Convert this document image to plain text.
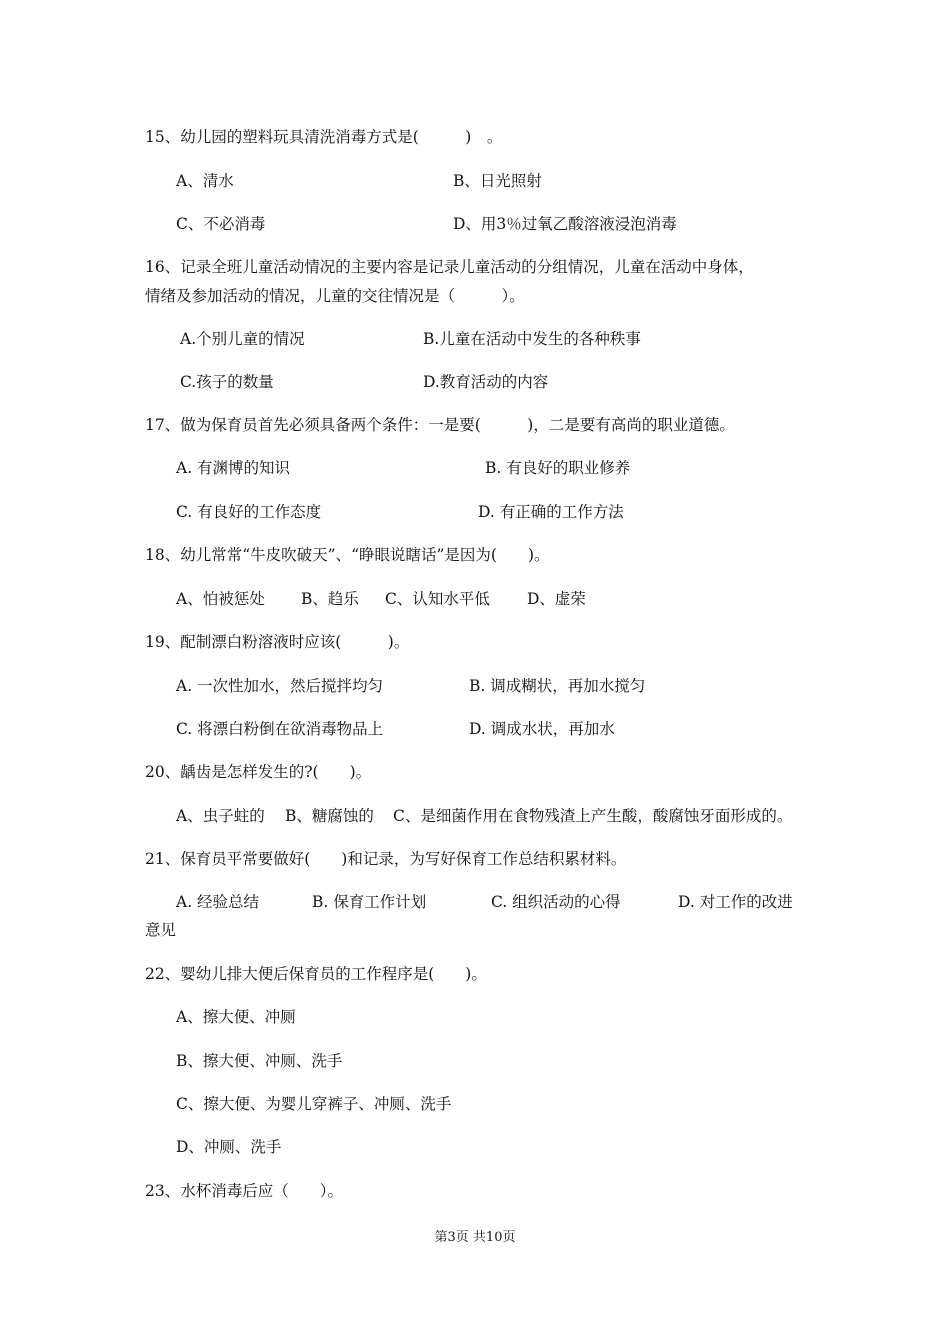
15、幼儿园的塑料玩具清洗消毒方式是(　　　)　。
A、清水	B、日光照射
C、不必消毒	D、用3％过氧乙酸溶液浸泡消毒
16、记录全班儿童活动情况的主要内容是记录儿童活动的分组情况，儿童在活动中身体，
情绪及参加活动的情况，儿童的交往情况是（　　　）。
A.个别儿童的情况	B.儿童在活动中发生的各种秩事
C.孩子的数量	D.教育活动的内容
17、做为保育员首先必须具备两个条件：一是要(　　　)，二是要有高尚的职业道德。
A. 有渊博的知识	B. 有良好的职业修养
C. 有良好的工作态度	D. 有正确的工作方法
18、幼儿常常“牛皮吹破天”、“睁眼说瞎话”是因为(　　)。
A、怕被惩处 B、趋乐 C、认知水平低 D、虚荣
19、配制漂白粉溶液时应该(　　　)。
A. 一次性加水，然后搅拌均匀	B. 调成糊状，再加水搅匀
C. 将漂白粉倒在欲消毒物品上	D. 调成水状，再加水
20、龋齿是怎样发生的?(　　)。
A、虫子蛀的 B、糖腐蚀的 C、是细菌作用在食物残渣上产生酸，酸腐蚀牙面形成的。
21、保育员平常要做好(　　)和记录，为写好保育工作总结积累材料。
A. 经验总结	B. 保育工作计划	C. 组织活动的心得	D. 对工作的改进
意见
22、婴幼儿排大便后保育员的工作程序是(　　)。
A、擦大便、冲厕
B、擦大便、冲厕、洗手
C、擦大便、为婴儿穿裤子、冲厕、洗手
D、冲厕、洗手
23、水杯消毒后应（　　）。
第3页 共10页
